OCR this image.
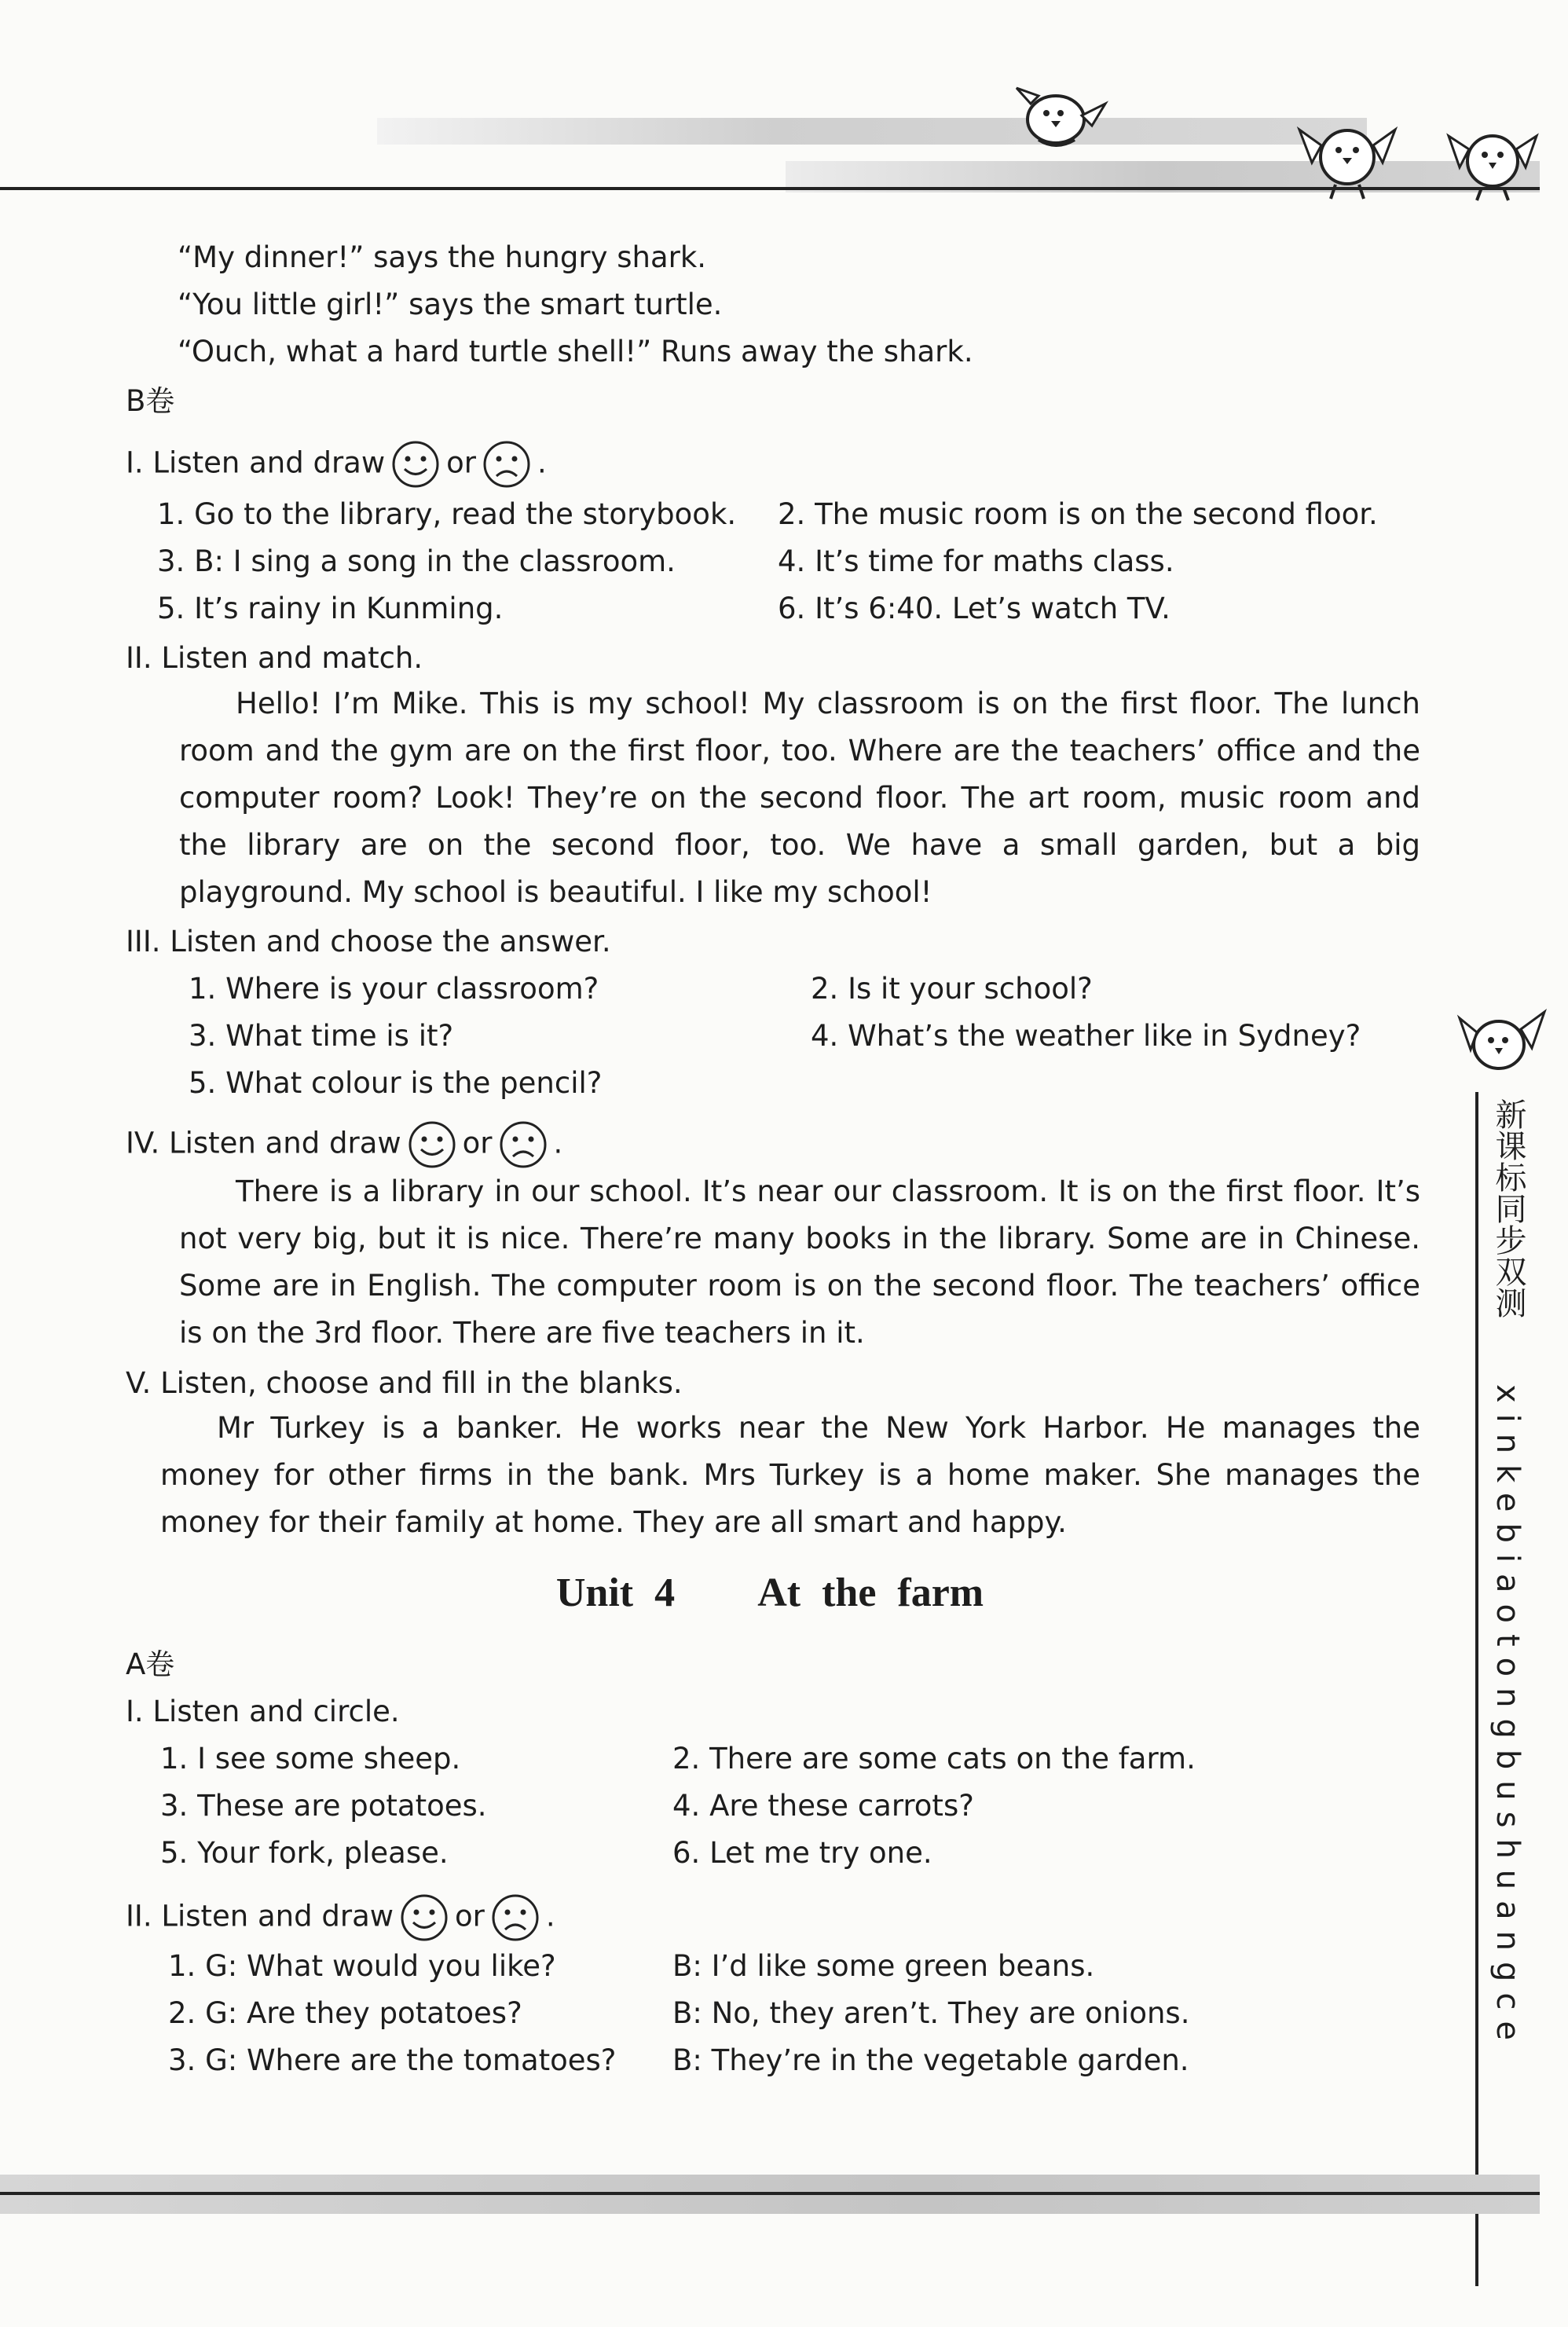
“My dinner!” says the hungry shark.
“You little girl!” says the smart turtle.
“Ouch, what a hard turtle shell!” Runs away the shark.
B卷
I. Listen and draw or .
1. Go to the library, read the storybook. 2. The music room is on the second floor.
3. B: I sing a song in the classroom.	4. It’s time for maths class.
5. It’s rainy in Kunming.	6. It’s 6:40. Let’s watch TV.
II. Listen and match.
Hello! I’m Mike. This is my school! My classroom is on the first floor. The lunch room and the gym are on the first floor, too. Where are the teachers’ office and the computer room? Look! They’re on the second floor. The art room, music room and the library are on the second floor, too. We have a small garden, but a big playground. My school is beautiful. I like my school!
III. Listen and choose the answer.
1. Where is your classroom?	2. Is it your school?
3. What time is it?	4. What’s the weather like in Sydney?
5. What colour is the pencil?
IV. Listen and draw or .
There is a library in our school. It’s near our classroom. It is on the first floor. It’s not very big, but it is nice. There’re many books in the library. Some are in Chinese. Some are in English. The computer room is on the second floor. The teachers’ office is on the 3rd floor. There are five teachers in it.
V. Listen, choose and fill in the blanks.
Mr Turkey is a banker. He works near the New York Harbor. He manages the money for other firms in the bank. Mrs Turkey is a home maker. She manages the money for their family at home. They are all smart and happy.
Unit 4    At the farm
A卷
I. Listen and circle.
1. I see some sheep.	2. There are some cats on the farm.
3. These are potatoes.	4. Are these carrots?
5. Your fork, please.	6. Let me try one.
II. Listen and draw or .
1. G: What would you like?	B: I’d like some green beans.
2. G: Are they potatoes?	B: No, they aren’t. They are onions.
3. G: Where are the tomatoes? B: They’re in the vegetable garden.
新课标同步双测
xinkebiaotongbushuangce
